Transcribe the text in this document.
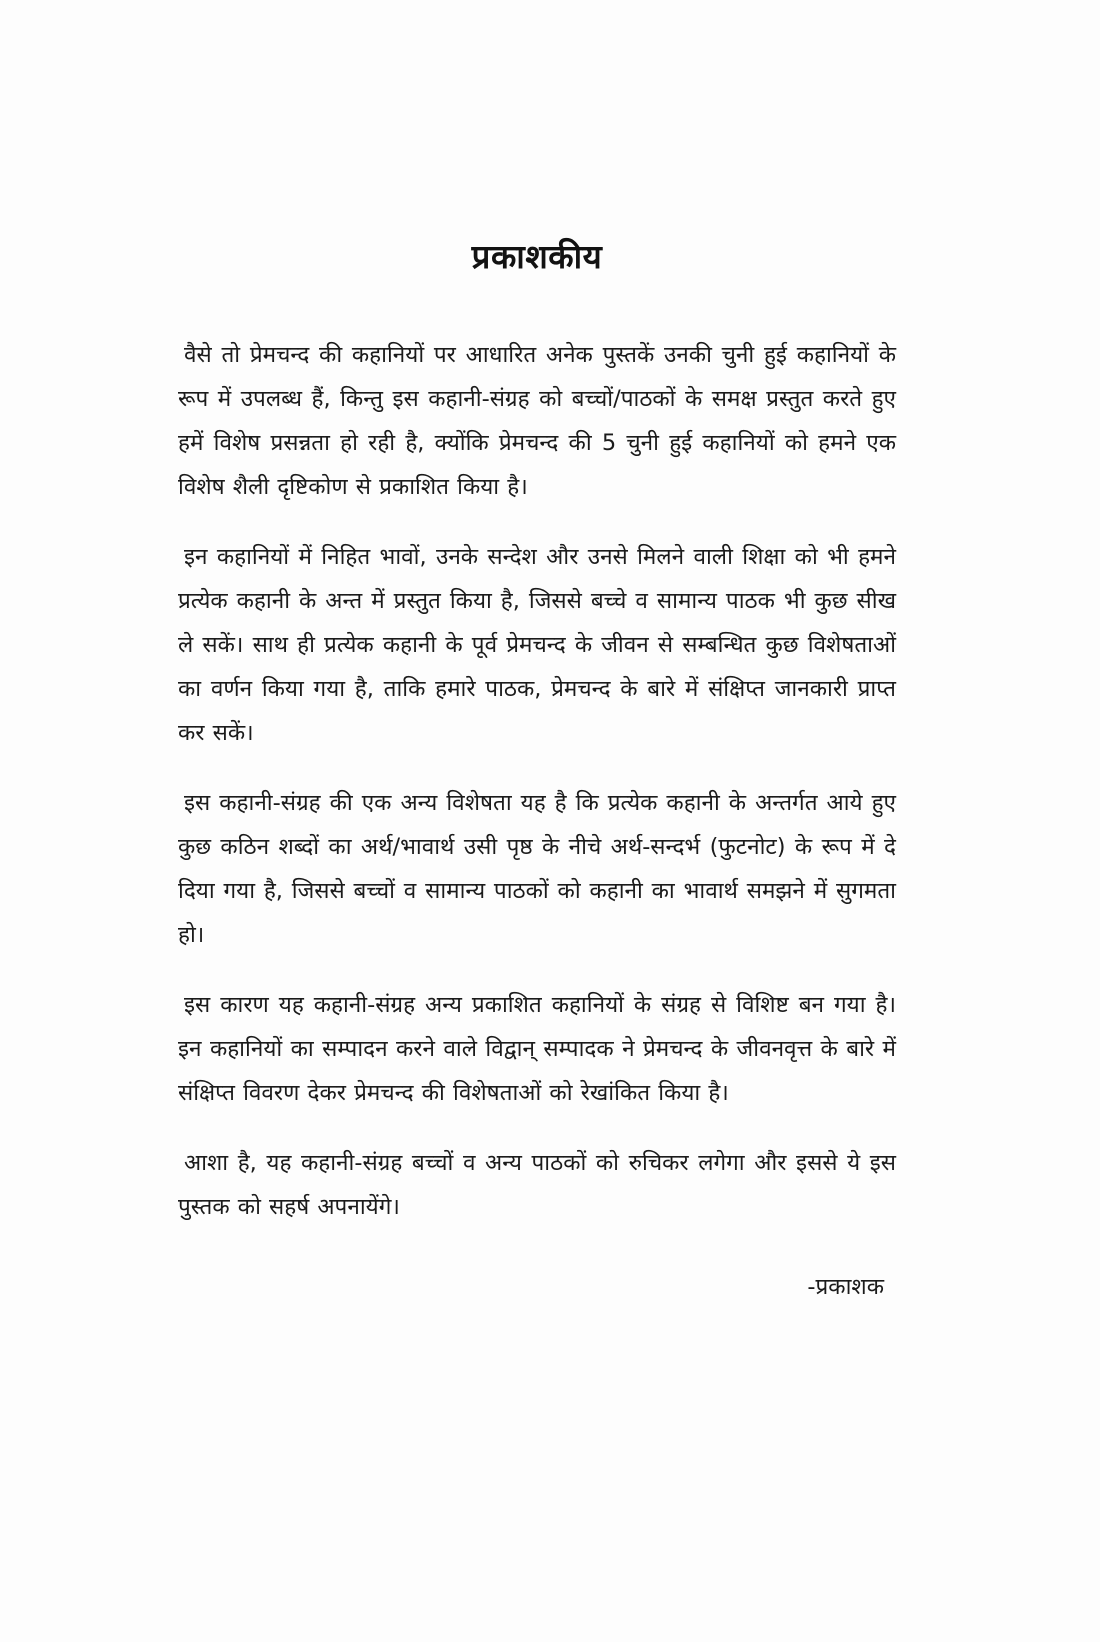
प्रकाशकीय

वैसे तो प्रेमचन्द की कहानियों पर आधारित अनेक पुस्तकें उनकी चुनी हुई कहानियों के रूप में उपलब्ध हैं, किन्तु इस कहानी-संग्रह को बच्चों/पाठकों के समक्ष प्रस्तुत करते हुए हमें विशेष प्रसन्नता हो रही है, क्योंकि प्रेमचन्द की 5 चुनी हुई कहानियों को हमने एक विशेष शैली दृष्टिकोण से प्रकाशित किया है।

इन कहानियों में निहित भावों, उनके सन्देश और उनसे मिलने वाली शिक्षा को भी हमने प्रत्येक कहानी के अन्त में प्रस्तुत किया है, जिससे बच्चे व सामान्य पाठक भी कुछ सीख ले सकें। साथ ही प्रत्येक कहानी के पूर्व प्रेमचन्द के जीवन से सम्बन्धित कुछ विशेषताओं का वर्णन किया गया है, ताकि हमारे पाठक, प्रेमचन्द के बारे में संक्षिप्त जानकारी प्राप्त कर सकें।

इस कहानी-संग्रह की एक अन्य विशेषता यह है कि प्रत्येक कहानी के अन्तर्गत आये हुए कुछ कठिन शब्दों का अर्थ/भावार्थ उसी पृष्ठ के नीचे अर्थ-सन्दर्भ (फुटनोट) के रूप में दे दिया गया है, जिससे बच्चों व सामान्य पाठकों को कहानी का भावार्थ समझने में सुगमता हो।

इस कारण यह कहानी-संग्रह अन्य प्रकाशित कहानियों के संग्रह से विशिष्ट बन गया है। इन कहानियों का सम्पादन करने वाले विद्वान् सम्पादक ने प्रेमचन्द के जीवनवृत्त के बारे में संक्षिप्त विवरण देकर प्रेमचन्द की विशेषताओं को रेखांकित किया है।

आशा है, यह कहानी-संग्रह बच्चों व अन्य पाठकों को रुचिकर लगेगा और इससे ये इस पुस्तक को सहर्ष अपनायेंगे।

-प्रकाशक
